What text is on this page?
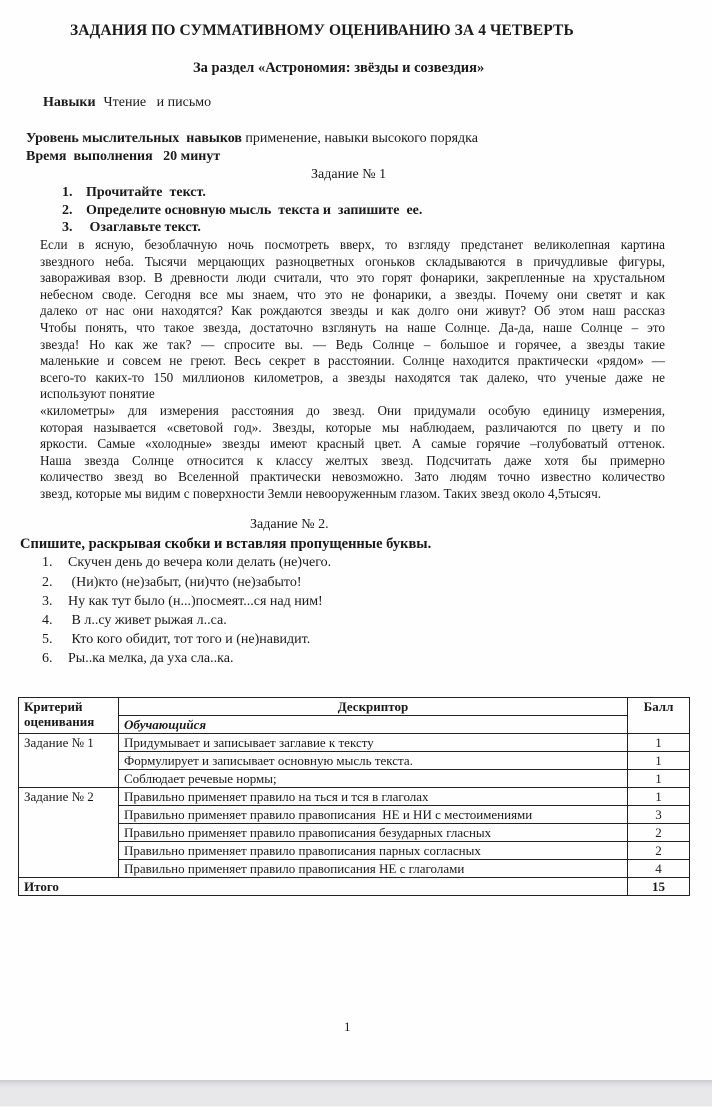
ЗАДАНИЯ ПО СУММАТИВНОМУ ОЦЕНИВАНИЮ ЗА 4 ЧЕТВЕРТЬ
За раздел «Астрономия: звёзды и созвездия»
Навыки Чтение   и письмо
Уровень мыслительных  навыков применение, навыки высокого порядка
Время  выполнения   20 минут
Задание № 1
1. Прочитайте  текст.
2. Определите основную мысль  текста и  запишите  ее.
3. Озаглавьте текст.
Если в ясную, безоблачную ночь посмотреть вверх, то взгляду предстанет великолепная картина
звездного неба. Тысячи мерцающих разноцветных огоньков складываются в причудливые фигуры,
завораживая взор. В древности люди считали, что это горят фонарики, закрепленные на хрустальном
небесном своде. Сегодня все мы знаем, что это не фонарики, а звезды. Почему они светят и как
далеко от нас они находятся? Как рождаются звезды и как долго они живут? Об этом наш рассказ
Чтобы понять, что такое звезда, достаточно взглянуть на наше Солнце. Да-да, наше Солнце – это
звезда! Но как же так? — спросите вы. — Ведь Солнце – большое и горячее, а звезды такие
маленькие и совсем не греют. Весь секрет в расстоянии. Солнце находится практически «рядом» —
всего-то каких-то 150 миллионов километров, а звезды находятся так далеко, что ученые даже не
используют понятие
«километры» для измерения расстояния до звезд. Они придумали особую единицу измерения,
которая называется «световой год». Звезды, которые мы наблюдаем, различаются по цвету и по
яркости. Самые «холодные» звезды имеют красный цвет. А самые горячие –голубоватый оттенок.
Наша звезда Солнце относится к классу желтых звезд. Подсчитать даже хотя бы примерно
количество звезд во Вселенной практически невозможно. Зато людям точно известно количество
звезд, которые мы видим с поверхности Земли невооруженным глазом. Таких звезд около 4,5тысяч.
Задание № 2.
Спишите, раскрывая скобки и вставляя пропущенные буквы.
1. Скучен день до вечера коли делать (не)чего.
2. (Ни)кто (не)забыт, (ни)что (не)забыто!
3. Ну как тут было (н...)посмеят...ся над ним!
4. В л..су живет рыжая л..са.
5. Кто кого обидит, тот того и (не)навидит.
6. Ры..ка мелка, да уха сла..ка.
Критерий оценивания	Дескриптор	Балл
	Обучающийся	
Задание № 1	Придумывает и записывает заглавие к тексту	1
	Формулирует и записывает основную мысль текста.	1
	Соблюдает речевые нормы;	1
Задание № 2	Правильно применяет правило на ться и тся в глаголах	1
	Правильно применяет правило правописания  НЕ и НИ с местоимениями	3
	Правильно применяет правило правописания безударных гласных	2
	Правильно применяет правило правописания парных согласных	2
	Правильно применяет правило правописания НЕ с глаголами	4
Итого		15
1
